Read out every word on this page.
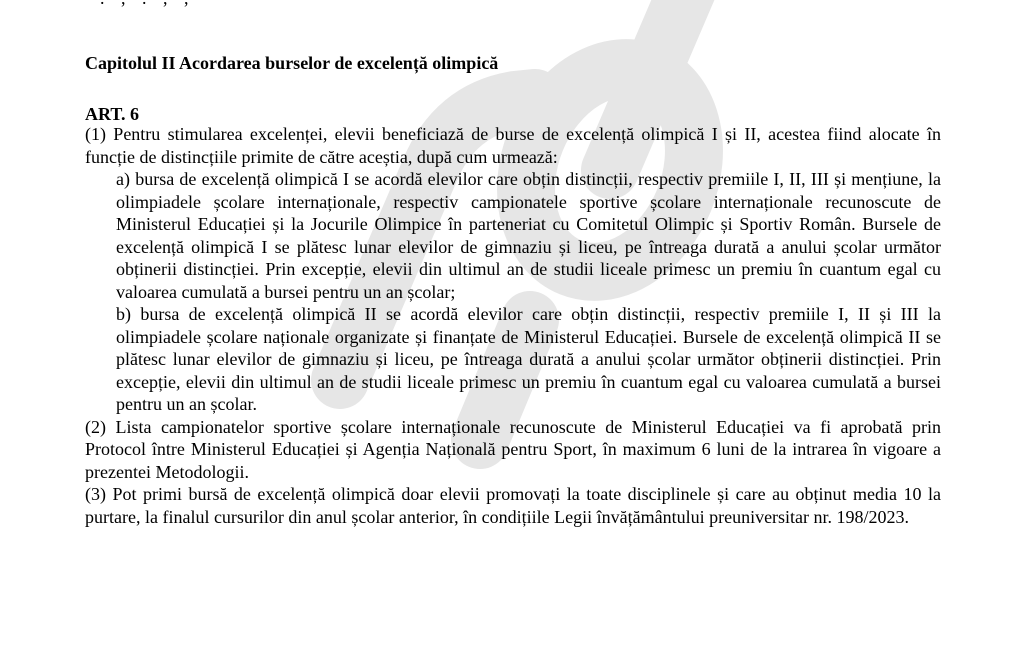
Capitolul II Acordarea burselor de excelență olimpică
ART. 6

(1) Pentru stimularea excelenței, elevii beneficiază de burse de excelență olimpică I și II, acestea fiind alocate în funcție de distincțiile primite de către aceștia, după cum urmează:

a) bursa de excelență olimpică I se acordă elevilor care obțin distincții, respectiv premiile I, II, III și mențiune, la olimpiadele școlare internaționale, respectiv campionatele sportive școlare internaționale recunoscute de Ministerul Educației și la Jocurile Olimpice în parteneriat cu Comitetul Olimpic și Sportiv Român. Bursele de excelență olimpică I se plătesc lunar elevilor de gimnaziu și liceu, pe întreaga durată a anului școlar următor obținerii distincției. Prin excepție, elevii din ultimul an de studii liceale primesc un premiu în cuantum egal cu valoarea cumulată a bursei pentru un an școlar;

b) bursa de excelență olimpică II se acordă elevilor care obțin distincții, respectiv premiile I, II și III la olimpiadele școlare naționale organizate și finanțate de Ministerul Educației. Bursele de excelență olimpică II se plătesc lunar elevilor de gimnaziu și liceu, pe întreaga durată a anului școlar următor obținerii distincției. Prin excepție, elevii din ultimul an de studii liceale primesc un premiu în cuantum egal cu valoarea cumulată a bursei pentru un an școlar.

(2) Lista campionatelor sportive școlare internaționale recunoscute de Ministerul Educației va fi aprobată prin Protocol între Ministerul Educației și Agenția Națională pentru Sport, în maximum 6 luni de la intrarea în vigoare a prezentei Metodologii.

(3) Pot primi bursă de excelență olimpică doar elevii promovați la toate disciplinele și care au obținut media 10 la purtare, la finalul cursurilor din anul școlar anterior, în condițiile Legii învățământului preuniversitar nr. 198/2023.
